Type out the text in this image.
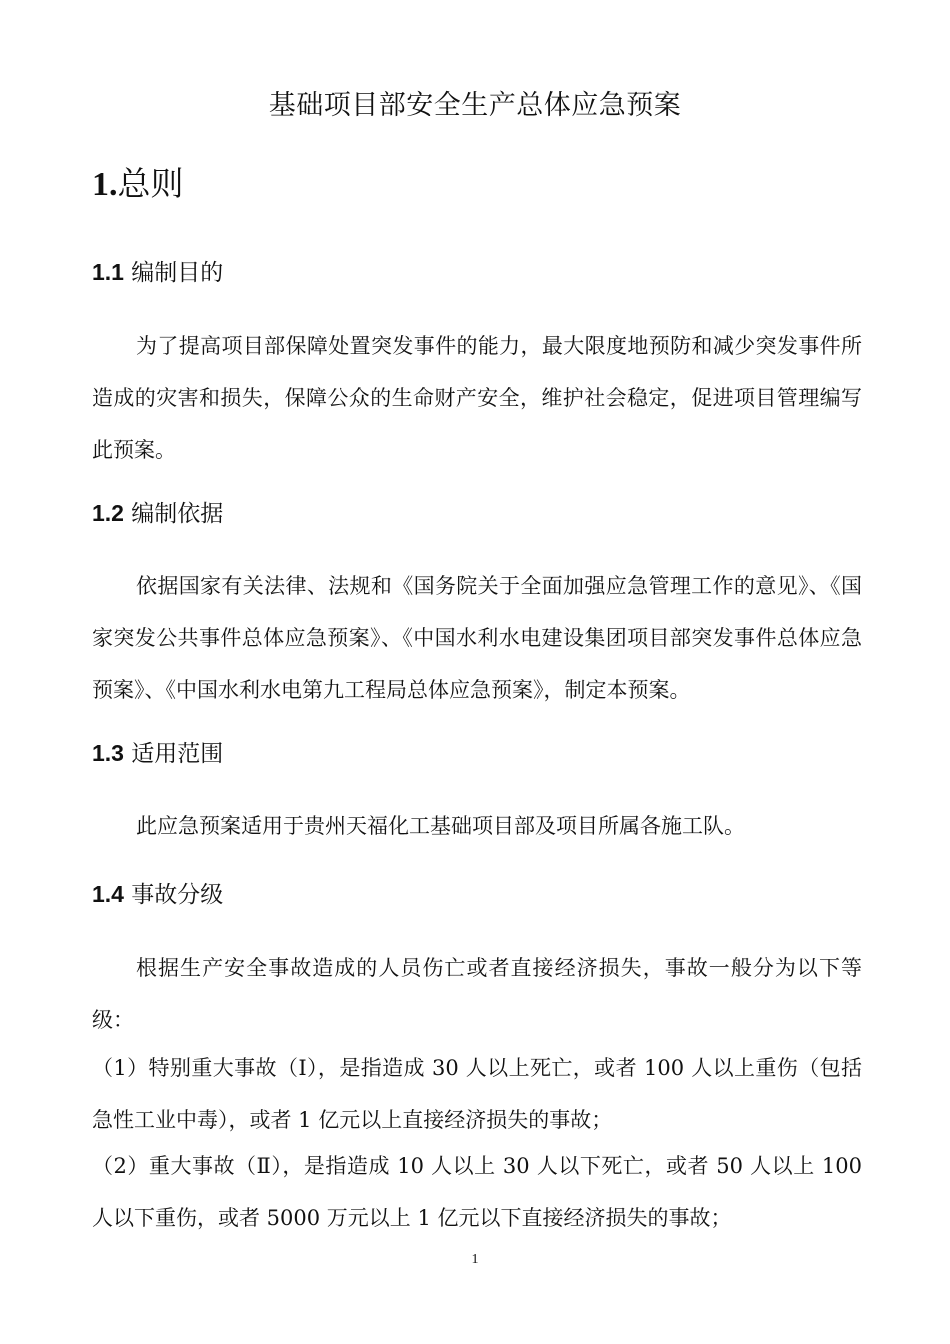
基础项目部安全生产总体应急预案
1.总则
1.1 编制目的

为了提高项目部保障处置突发事件的能力，最大限度地预防和减少突发事件所造成的灾害和损失，保障公众的生命财产安全，维护社会稳定，促进项目管理编写此预案。

1.2 编制依据

依据国家有关法律、法规和《国务院关于全面加强应急管理工作的意见》、《国家突发公共事件总体应急预案》、《中国水利水电建设集团项目部突发事件总体应急预案》、《中国水利水电第九工程局总体应急预案》，制定本预案。

1.3 适用范围

此应急预案适用于贵州天福化工基础项目部及项目所属各施工队。

1.4 事故分级

根据生产安全事故造成的人员伤亡或者直接经济损失，事故一般分为以下等级：

（1）特别重大事故（Ⅰ），是指造成 30 人以上死亡，或者 100 人以上重伤（包括急性工业中毒），或者 1 亿元以上直接经济损失的事故；

（2）重大事故（Ⅱ），是指造成 10 人以上 30 人以下死亡，或者 50 人以上 100 人以下重伤，或者 5000 万元以上 1 亿元以下直接经济损失的事故；

1
